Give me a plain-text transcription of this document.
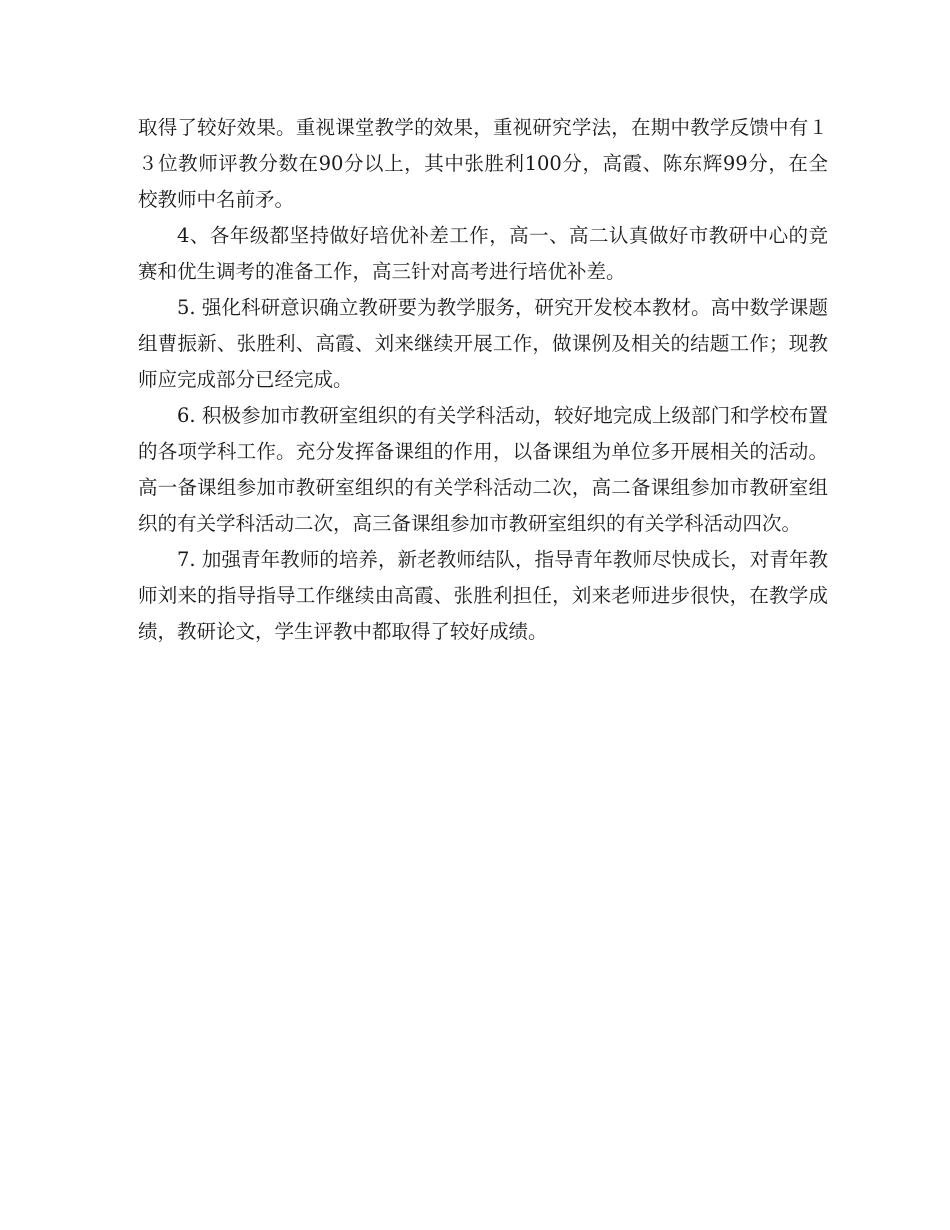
取得了较好效果。重视课堂教学的效果，重视研究学法，在期中教学反馈中有１３位教师评教分数在90分以上，其中张胜利100分，高霞、陈东辉99分，在全校教师中名前矛。

4、各年级都坚持做好培优补差工作，高一、高二认真做好市教研中心的竞赛和优生调考的准备工作，高三针对高考进行培优补差。

5. 强化科研意识确立教研要为教学服务，研究开发校本教材。高中数学课题组曹振新、张胜利、高霞、刘来继续开展工作，做课例及相关的结题工作；现教师应完成部分已经完成。

6. 积极参加市教研室组织的有关学科活动，较好地完成上级部门和学校布置的各项学科工作。充分发挥备课组的作用，以备课组为单位多开展相关的活动。高一备课组参加市教研室组织的有关学科活动二次，高二备课组参加市教研室组织的有关学科活动二次，高三备课组参加市教研室组织的有关学科活动四次。

7. 加强青年教师的培养，新老教师结队，指导青年教师尽快成长，对青年教师刘来的指导指导工作继续由高霞、张胜利担任，刘来老师进步很快，在教学成绩，教研论文，学生评教中都取得了较好成绩。
